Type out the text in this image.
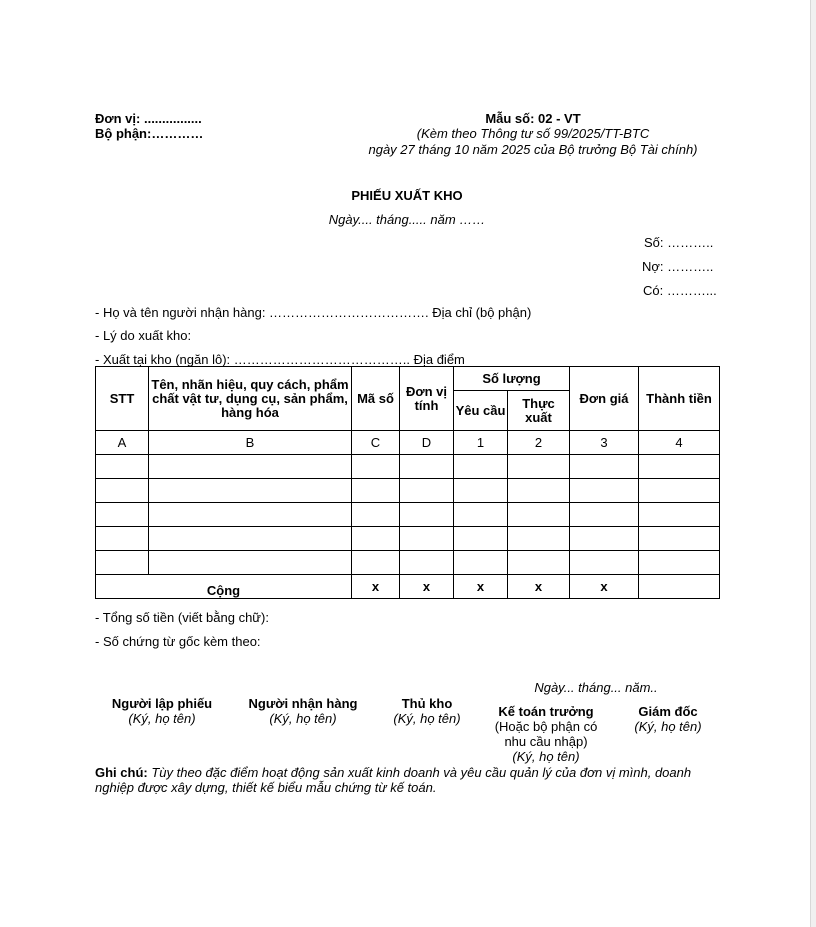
Đơn vị: ................
Bộ phận:…………
Mẫu số: 02 - VT
(Kèm theo Thông tư số 99/2025/TT-BTC
ngày 27 tháng 10 năm 2025 của Bộ trưởng Bộ Tài chính)
PHIẾU XUẤT KHO
Ngày.... tháng..... năm ……
Số: ………..
Nợ: ………..
Có: ………...
- Họ và tên người nhận hàng: ………………………………. Địa chỉ (bộ phận)
- Lý do xuất kho:
- Xuất tại kho (ngăn lô): ………………………………….. Địa điểm
STT	Tên, nhãn hiệu, quy cách, phẩm chất vật tư, dụng cụ, sản phẩm, hàng hóa	Mã số	Đơn vị tính	Số lượng		Đơn giá	Thành tiền
				Yêu cầu	Thực xuất		
A	B	C	D	1	2	3	4

Cộng		x	x	x	x	x	
- Tổng số tiền (viết bằng chữ):
- Số chứng từ gốc kèm theo:
Ngày... tháng... năm..
Người lập phiếu
(Ký, họ tên)
Người nhận hàng
(Ký, họ tên)
Thủ kho
(Ký, họ tên)	Kế toán trưởng
(Hoặc bộ phận có
nhu cầu nhập)
(Ký, họ tên)
Giám đốc
(Ký, họ tên)
Ghi chú: Tùy theo đặc điểm hoạt động sản xuất kinh doanh và yêu cầu quản lý của đơn vị mình, doanh
nghiệp được xây dựng, thiết kế biểu mẫu chứng từ kế toán.
